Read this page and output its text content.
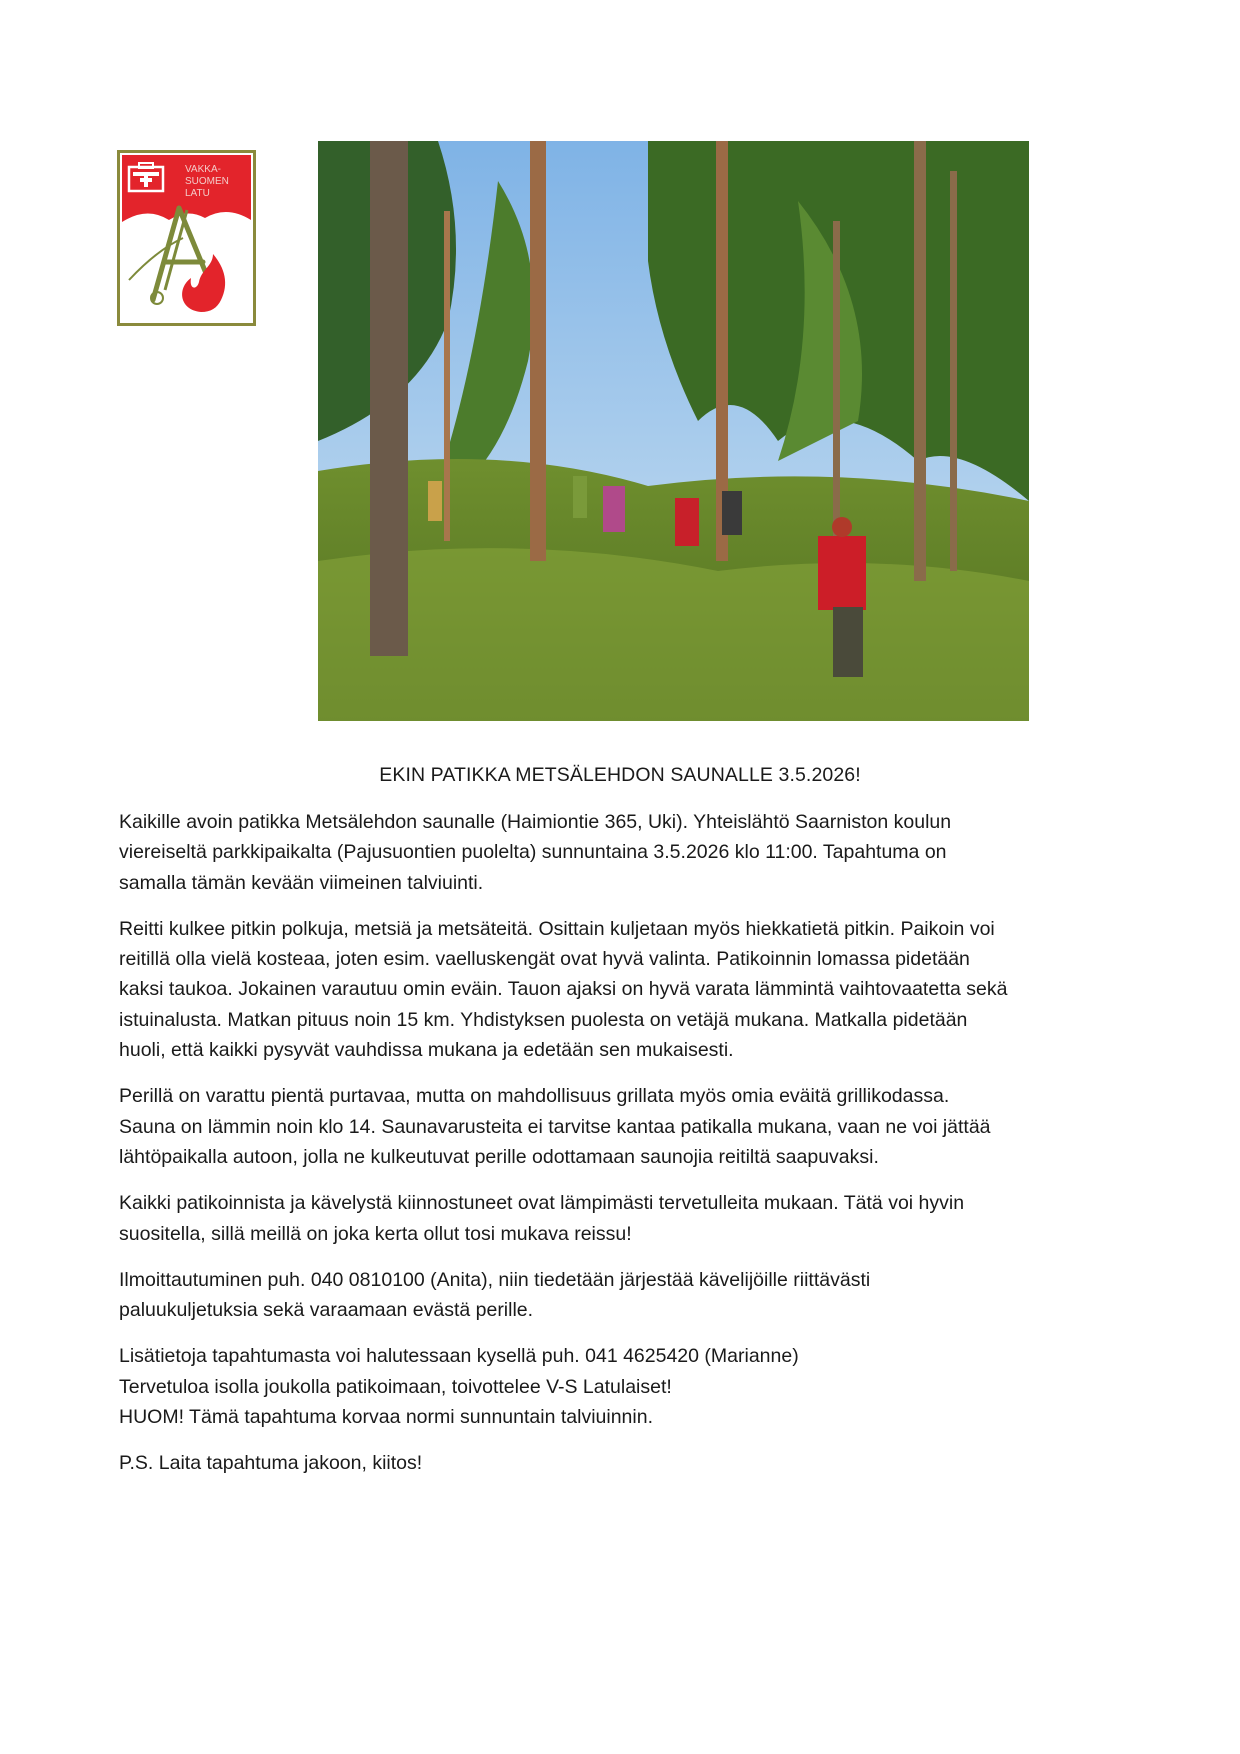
VAKKA- SUOMEN LATU
EKIN PATIKKA METSÄLEHDON SAUNALLE 3.5.2026!

Kaikille avoin patikka Metsälehdon saunalle (Haimiontie 365, Uki). Yhteislähtö Saarniston koulun
viereiseltä parkkipaikalta (Pajusuontien puolelta) sunnuntaina 3.5.2026 klo 11:00. Tapahtuma on
samalla tämän kevään viimeinen talviuinti.

Reitti kulkee pitkin polkuja, metsiä ja metsäteitä. Osittain kuljetaan myös hiekkatietä pitkin. Paikoin voi
reitillä olla vielä kosteaa, joten esim. vaelluskengät ovat hyvä valinta. Patikoinnin lomassa pidetään
kaksi taukoa. Jokainen varautuu omin eväin. Tauon ajaksi on hyvä varata lämmintä vaihtovaatetta sekä
istuinalusta. Matkan pituus noin 15 km. Yhdistyksen puolesta on vetäjä mukana. Matkalla pidetään
huoli, että kaikki pysyvät vauhdissa mukana ja edetään sen mukaisesti.

Perillä on varattu pientä purtavaa, mutta on mahdollisuus grillata myös omia eväitä grillikodassa.
Sauna on lämmin noin klo 14. Saunavarusteita ei tarvitse kantaa patikalla mukana, vaan ne voi jättää
lähtöpaikalla autoon, jolla ne kulkeutuvat perille odottamaan saunojia reitiltä saapuvaksi.

Kaikki patikoinnista ja kävelystä kiinnostuneet ovat lämpimästi tervetulleita mukaan. Tätä voi hyvin
suositella, sillä meillä on joka kerta ollut tosi mukava reissu!

Ilmoittautuminen puh. 040 0810100 (Anita), niin tiedetään järjestää kävelijöille riittävästi
paluukuljetuksia sekä varaamaan evästä perille.

Lisätietoja tapahtumasta voi halutessaan kysellä puh. 041 4625420 (Marianne)
Tervetuloa isolla joukolla patikoimaan, toivottelee V-S Latulaiset!
HUOM! Tämä tapahtuma korvaa normi sunnuntain talviuinnin.

P.S. Laita tapahtuma jakoon, kiitos!
